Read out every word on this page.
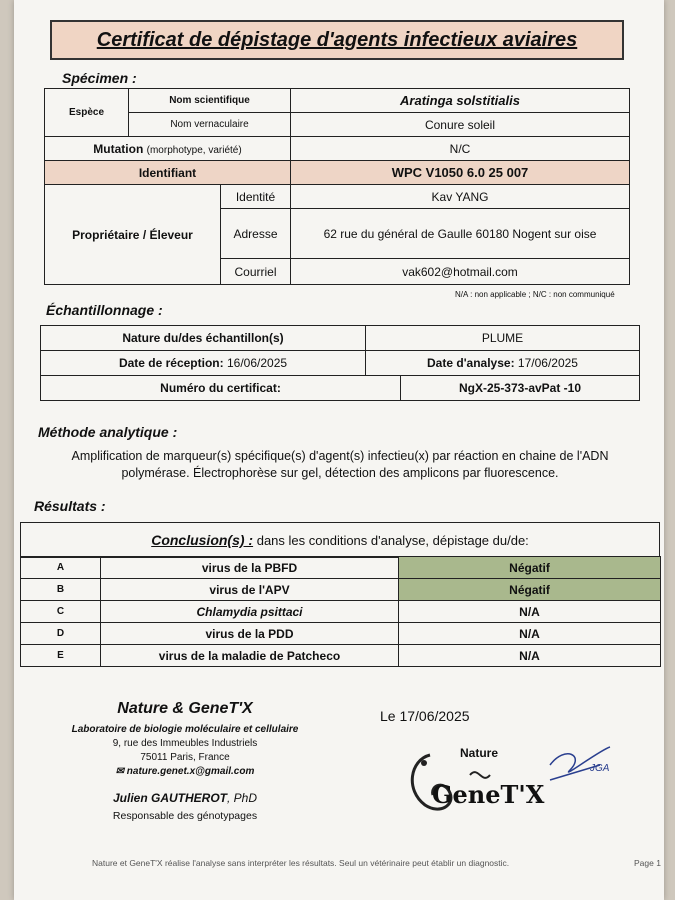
Certificat de dépistage d'agents infectieux aviaires
Spécimen :
Espèce	Nom scientifique		Aratinga solstitialis
	Nom vernaculaire		Conure soleil
Mutation (morphotype, variété)			N/C
Identifiant			WPC V1050 6.0 25 007
Propriétaire / Éleveur		Identité	Kav YANG
		Adresse	62 rue du général de Gaulle 60180 Nogent sur oise
		Courriel	vak602@hotmail.com
N/A : non applicable ; N/C : non communiqué
Échantillonnage :
Nature du/des échantillon(s)	PLUME	
Date de réception: 16/06/2025	Date d'analyse: 17/06/2025	
Numéro du certificat:		NgX-25-373-avPat -10
Méthode analytique :
Amplification de marqueur(s) spécifique(s) d'agent(s) infectieu(x) par réaction en chaine de l'ADN
polymérase. Électrophorèse sur gel, détection des amplicons par fluorescence.
Résultats :
Conclusion(s) :
dans les conditions d'analyse, dépistage du/de:
A	virus de la PBFD	Négatif
B	virus de l'APV	Négatif
C	Chlamydia psittaci	N/A
D	virus de la PDD	N/A
E	virus de la maladie de Patcheco	N/A
Nature & GeneT'X
Laboratoire de biologie moléculaire et cellulaire
9, rue des Immeubles Industriels
75011 Paris, France
✉ nature.genet.x@gmail.com
Julien GAUTHEROT, PhD
Responsable des génotypages
Le 17/06/2025
Nature
GeneT'X
JGA
Nature et GeneT'X réalise l'analyse sans interpréter les résultats. Seul un vétérinaire peut établir un diagnostic.	Page 1
